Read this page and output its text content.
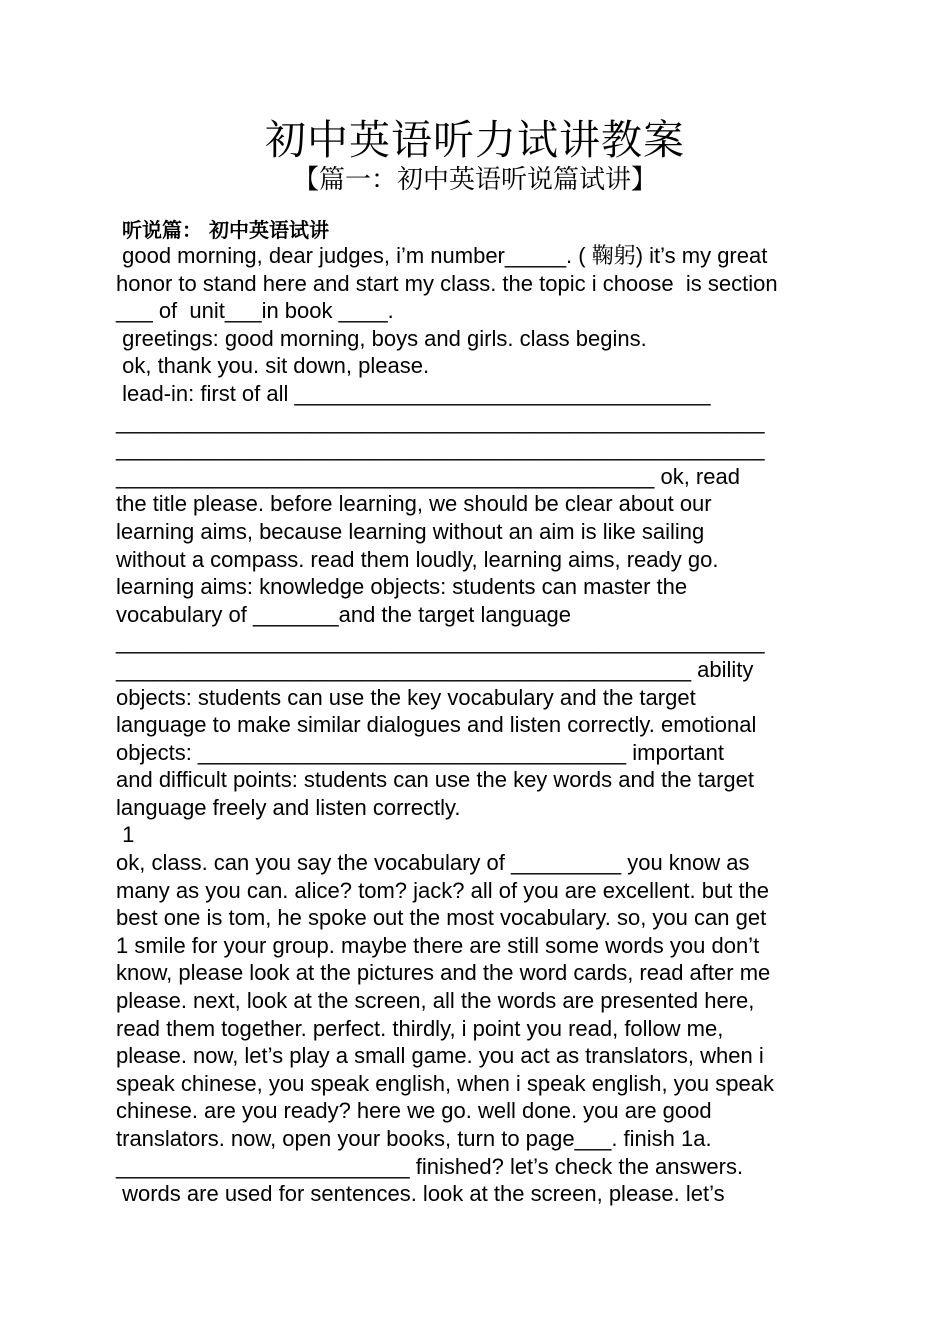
初中英语听力试讲教案
【篇一：初中英语听说篇试讲】
听说篇： 初中英语试讲
good morning, dear judges, i’m number_____. ( 鞠躬) it’s my great
honor to stand here and start my class. the topic i choose  is section
___ of  unit___in book ____.
greetings: good morning, boys and girls. class begins.
ok, thank you. sit down, please.
lead-in: first of all __________________________________
_____________________________________________________
_____________________________________________________
____________________________________________ ok, read
the title please. before learning, we should be clear about our
learning aims, because learning without an aim is like sailing
without a compass. read them loudly, learning aims, ready go.
learning aims: knowledge objects: students can master the
vocabulary of _______and the target language
_____________________________________________________
_______________________________________________ ability
objects: students can use the key vocabulary and the target
language to make similar dialogues and listen correctly. emotional
objects: ___________________________________ important
and difficult points: students can use the key words and the target
language freely and listen correctly.
1
ok, class. can you say the vocabulary of _________ you know as
many as you can. alice? tom? jack? all of you are excellent. but the
best one is tom, he spoke out the most vocabulary. so, you can get
1 smile for your group. maybe there are still some words you don’t
know, please look at the pictures and the word cards, read after me
please. next, look at the screen, all the words are presented here,
read them together. perfect. thirdly, i point you read, follow me,
please. now, let’s play a small game. you act as translators, when i
speak chinese, you speak english, when i speak english, you speak
chinese. are you ready? here we go. well done. you are good
translators. now, open your books, turn to page___. finish 1a.
________________________ finished? let’s check the answers.
words are used for sentences. look at the screen, please. let’s
